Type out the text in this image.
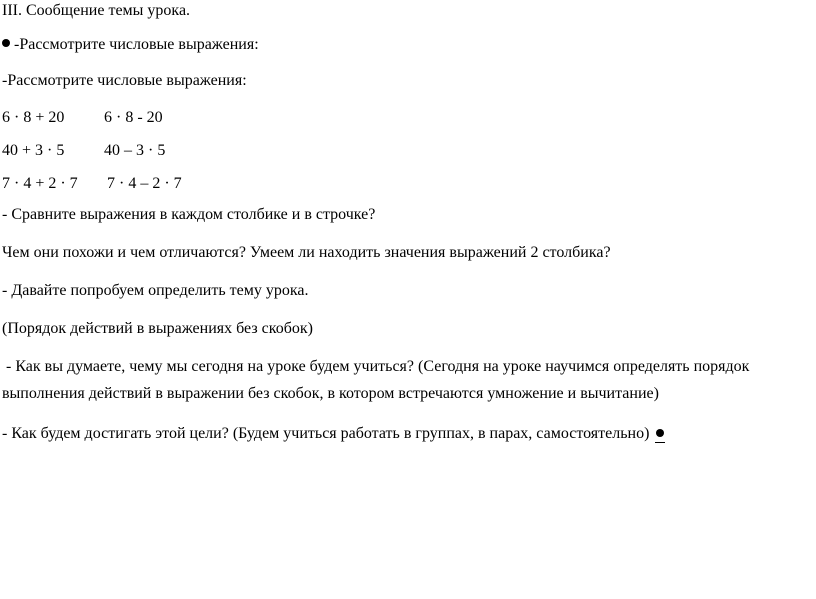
III. Сообщение темы урока.
-Рассмотрите числовые выражения:
-Рассмотрите числовые выражения:
6 · 8 + 20 6 · 8 - 20
40 + 3 · 5 40 – 3 · 5
7 · 4 + 2 · 7 7 · 4 – 2 · 7
- Сравните выражения в каждом столбике и в строчке?
Чем они похожи и чем отличаются? Умеем ли находить значения выражений 2 столбика?
- Давайте попробуем определить тему урока.
(Порядок действий в выражениях без скобок)
- Как вы думаете, чему мы сегодня на уроке будем учиться? (Сегодня на уроке научимся определять порядок
выполнения действий в выражении без скобок, в котором встречаются умножение и вычитание)
- Как будем достигать этой цели? (Будем учиться работать в группах, в парах, самостоятельно)
